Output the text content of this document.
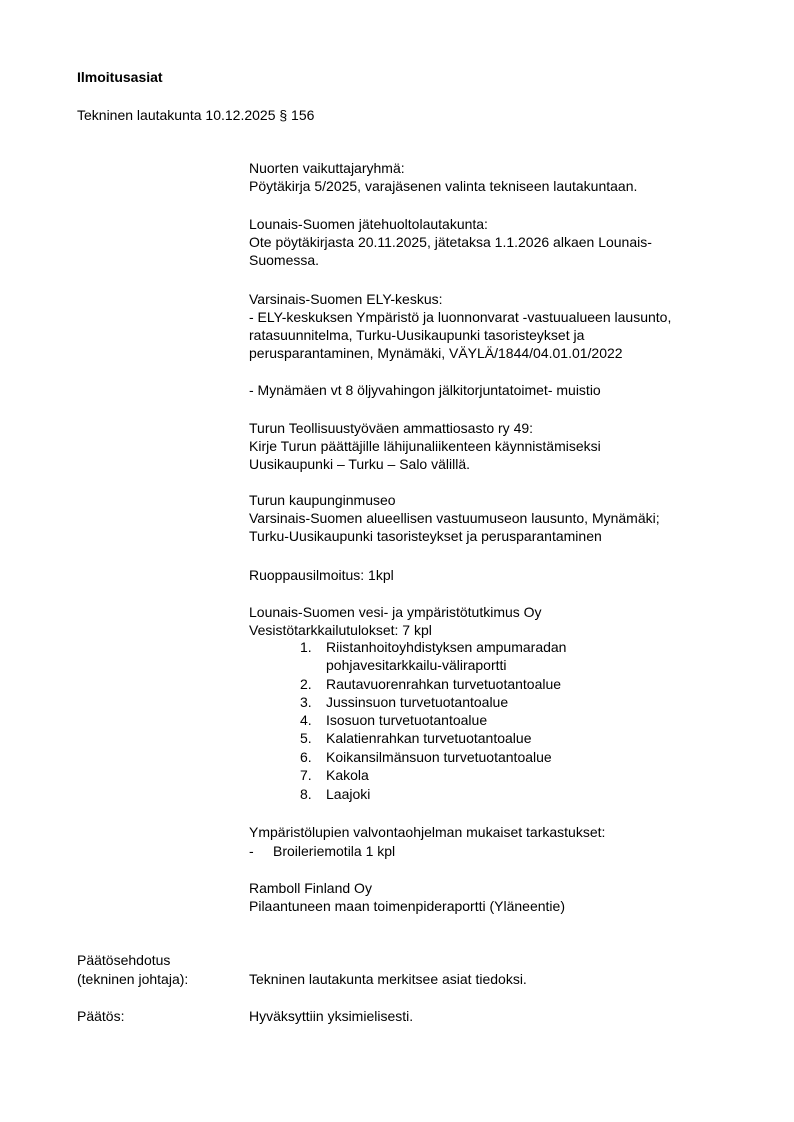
Ilmoitusasiat
Tekninen lautakunta 10.12.2025 § 156
Nuorten vaikuttajaryhmä:
Pöytäkirja 5/2025, varajäsenen valinta tekniseen lautakuntaan.
Lounais-Suomen jätehuoltolautakunta:
Ote pöytäkirjasta 20.11.2025, jätetaksa 1.1.2026 alkaen Lounais-
Suomessa.
Varsinais-Suomen ELY-keskus:
- ELY-keskuksen Ympäristö ja luonnonvarat -vastuualueen lausunto,
ratasuunnitelma, Turku-Uusikaupunki tasoristeykset ja
perusparantaminen, Mynämäki, VÄYLÄ/1844/04.01.01/2022
- Mynämäen vt 8 öljyvahingon jälkitorjuntatoimet- muistio
Turun Teollisuustyöväen ammattiosasto ry 49:
Kirje Turun päättäjille lähijunaliikenteen käynnistämiseksi
Uusikaupunki – Turku – Salo välillä.
Turun kaupunginmuseo
Varsinais-Suomen alueellisen vastuumuseon lausunto, Mynämäki;
Turku-Uusikaupunki tasoristeykset ja perusparantaminen
Ruoppausilmoitus: 1kpl
Lounais-Suomen vesi- ja ympäristötutkimus Oy
Vesistötarkkailutulokset: 7 kpl
1. Riistanhoitoyhdistyksen ampumaradan
pohjavesitarkkailu-väliraportti
2. Rautavuorenrahkan turvetuotantoalue
3. Jussinsuon turvetuotantoalue
4. Isosuon turvetuotantoalue
5. Kalatienrahkan turvetuotantoalue
6. Koikansilmänsuon turvetuotantoalue
7. Kakola
8. Laajoki
Ympäristölupien valvontaohjelman mukaiset tarkastukset:
- Broileriemotila 1 kpl
Ramboll Finland Oy
Pilaantuneen maan toimenpideraportti (Yläneentie)
Päätösehdotus
(tekninen johtaja):	Tekninen lautakunta merkitsee asiat tiedoksi.
Päätös:	Hyväksyttiin yksimielisesti.
